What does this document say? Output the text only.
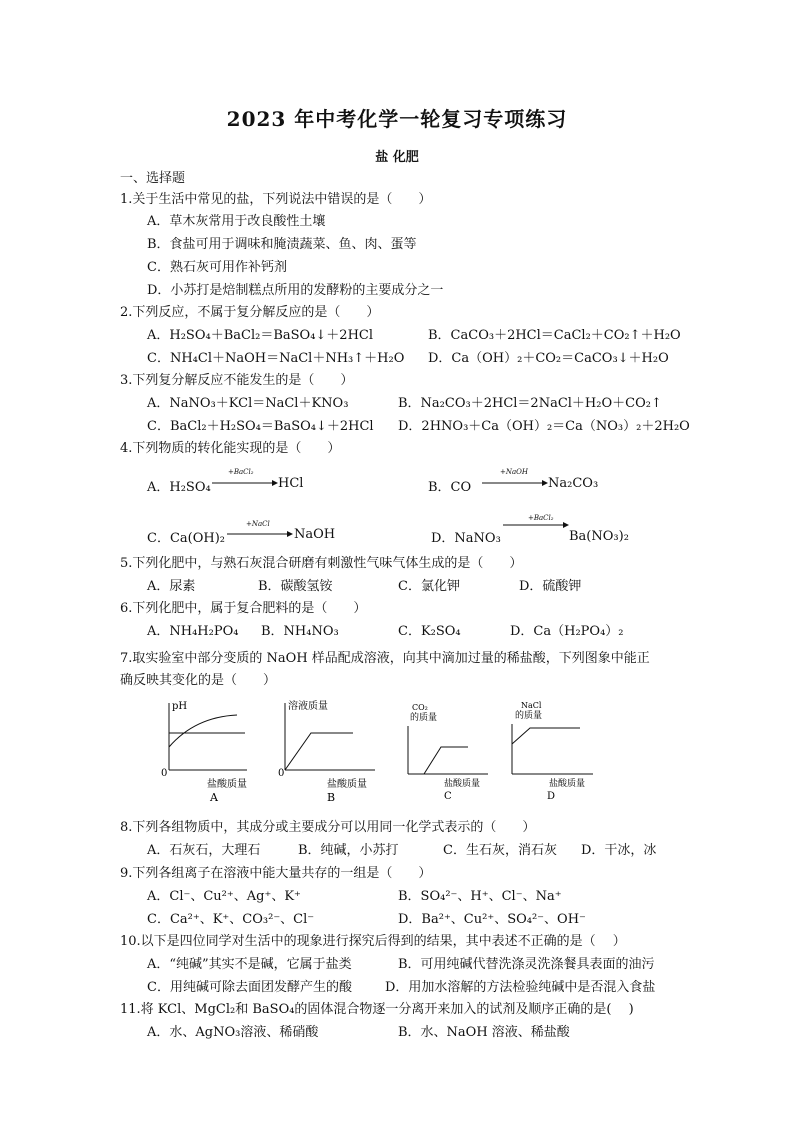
2023 年中考化学一轮复习专项练习
盐 化肥
一、选择题
1.关于生活中常见的盐，下列说法中错误的是（　　）
A．草木灰常用于改良酸性土壤
B．食盐可用于调味和腌渍蔬菜、鱼、肉、蛋等
C．熟石灰可用作补钙剂
D．小苏打是焙制糕点所用的发酵粉的主要成分之一
2.下列反应，不属于复分解反应的是（　　）
A．H₂SO₄＋BaCl₂＝BaSO₄↓＋2HCl	B．CaCO₃＋2HCl＝CaCl₂＋CO₂↑＋H₂O
C．NH₄Cl＋NaOH＝NaCl＋NH₃↑＋H₂O D．Ca（OH）₂＋CO₂＝CaCO₃↓＋H₂O
3.下列复分解反应不能发生的是（　　）
A．NaNO₃＋KCl＝NaCl＋KNO₃	B．Na₂CO₃＋2HCl＝2NaCl＋H₂O＋CO₂↑
C．BaCl₂＋H₂SO₄＝BaSO₄↓＋2HCl D．2HNO₃＋Ca（OH）₂＝Ca（NO₃）₂＋2H₂O
4.下列物质的转化能实现的是（　　）
A．H₂SO₄
+BaCl₂
HCl	B．CO
+NaOH
Na₂CO₃
C．Ca(OH)₂
+NaCl
NaOH	D．NaNO₃
+BaCl₂
Ba(NO₃)₂
5.下列化肥中，与熟石灰混合研磨有刺激性气味气体生成的是（　　）
A．尿素	B．碳酸氢铵	C．氯化钾	D．硫酸钾
6.下列化肥中，属于复合肥料的是（　　）
A．NH₄H₂PO₄ B．NH₄NO₃	C．K₂SO₄	D．Ca（H₂PO₄）₂
7.取实验室中部分变质的 NaOH 样品配成溶液，向其中滴加过量的稀盐酸，下列图象中能正
确反映其变化的是（　　）
pH
0
盐酸质量
A
溶液质量
0
盐酸质量
B
CO₂
的质量
盐酸质量
C
NaCl
的质量
盐酸质量
D
8.下列各组物质中，其成分或主要成分可以用同一化学式表示的（　　）
A．石灰石，大理石	B．纯碱，小苏打	C．生石灰，消石灰 D．干冰，冰
9.下列各组离子在溶液中能大量共存的一组是（　　）
A．Cl⁻、Cu²⁺、Ag⁺、K⁺	B．SO₄²⁻、H⁺、Cl⁻、Na⁺
C．Ca²⁺、K⁺、CO₃²⁻、Cl⁻	D．Ba²⁺、Cu²⁺、SO₄²⁻、OH⁻
10.以下是四位同学对生活中的现象进行探究后得到的结果，其中表述不正确的是（　 ）
A．“纯碱”其实不是碱，它属于盐类	B．可用纯碱代替洗涤灵洗涤餐具表面的油污
C．用纯碱可除去面团发酵产生的酸	D．用加水溶解的方法检验纯碱中是否混入食盐
11.将 KCl、MgCl₂和 BaSO₄的固体混合物逐一分离开来加入的试剂及顺序正确的是(　 )
A．水、AgNO₃溶液、稀硝酸	B．水、NaOH 溶液、稀盐酸
